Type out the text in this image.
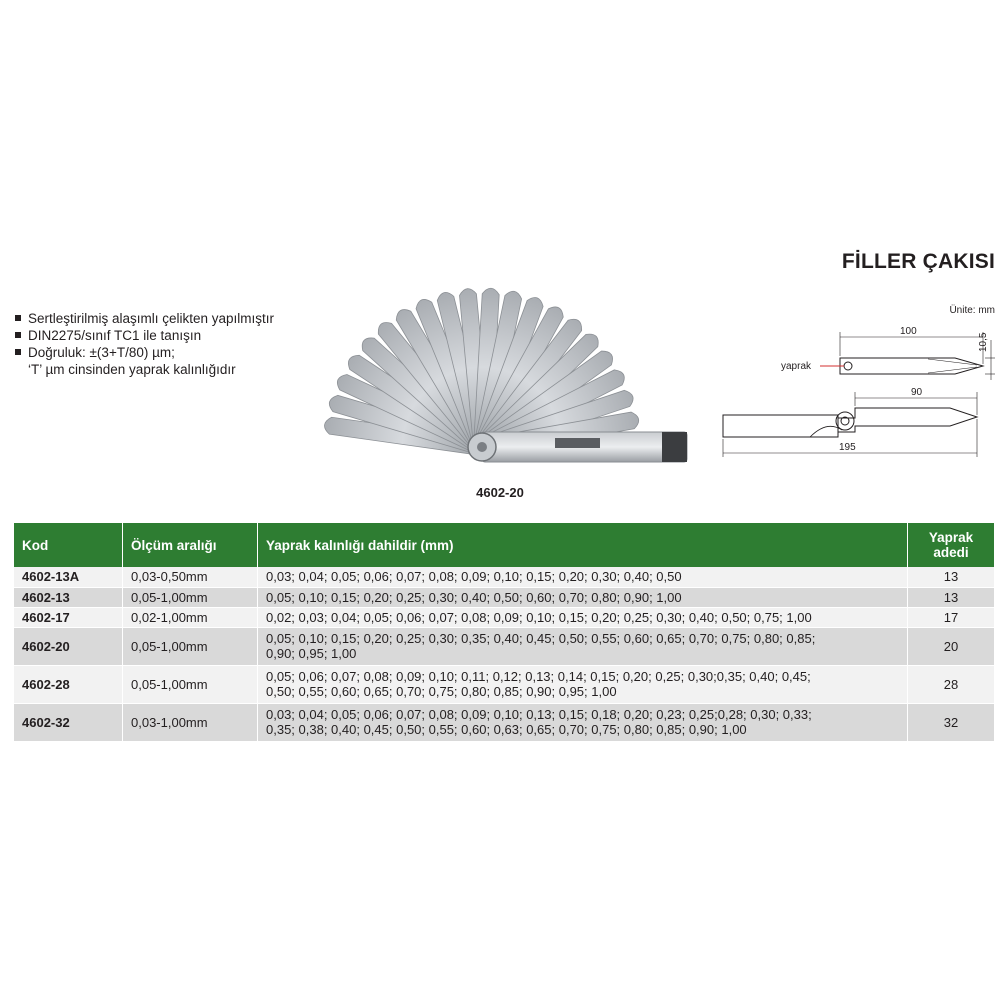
FİLLER ÇAKISI
Sertleştirilmiş alaşımlı çelikten yapılmıştır
DIN2275/sınıf TC1 ile tanışın
Doğruluk: ±(3+T/80) µm;
‘T’ µm cinsinden yaprak kalınlığıdır
4602-20
Ünite: mm
100
10,5
yaprak
90
195
Kod	Ölçüm aralığı	Yaprak kalınlığı dahildir (mm)	Yaprak
adedi
4602-13A	0,03-0,50mm	0,03; 0,04; 0,05; 0,06; 0,07; 0,08; 0,09; 0,10; 0,15; 0,20; 0,30; 0,40; 0,50	13
4602-13	0,05-1,00mm	0,05; 0,10; 0,15; 0,20; 0,25; 0,30; 0,40; 0,50; 0,60; 0,70; 0,80; 0,90; 1,00	13
4602-17	0,02-1,00mm	0,02; 0,03; 0,04; 0,05; 0,06; 0,07; 0,08; 0,09; 0,10; 0,15; 0,20; 0,25; 0,30; 0,40; 0,50; 0,75; 1,00	17
4602-20	0,05-1,00mm	0,05; 0,10; 0,15; 0,20; 0,25; 0,30; 0,35; 0,40; 0,45; 0,50; 0,55; 0,60; 0,65; 0,70; 0,75; 0,80; 0,85;
0,90; 0,95; 1,00	20
4602-28	0,05-1,00mm	0,05; 0,06; 0,07; 0,08; 0,09; 0,10; 0,11; 0,12; 0,13; 0,14; 0,15; 0,20; 0,25; 0,30;0,35; 0,40; 0,45;
0,50; 0,55; 0,60; 0,65; 0,70; 0,75; 0,80; 0,85; 0,90; 0,95; 1,00	28
4602-32	0,03-1,00mm	0,03; 0,04; 0,05; 0,06; 0,07; 0,08; 0,09; 0,10; 0,13; 0,15; 0,18; 0,20; 0,23; 0,25;0,28; 0,30; 0,33;
0,35; 0,38; 0,40; 0,45; 0,50; 0,55; 0,60; 0,63; 0,65; 0,70; 0,75; 0,80; 0,85; 0,90; 1,00	32
